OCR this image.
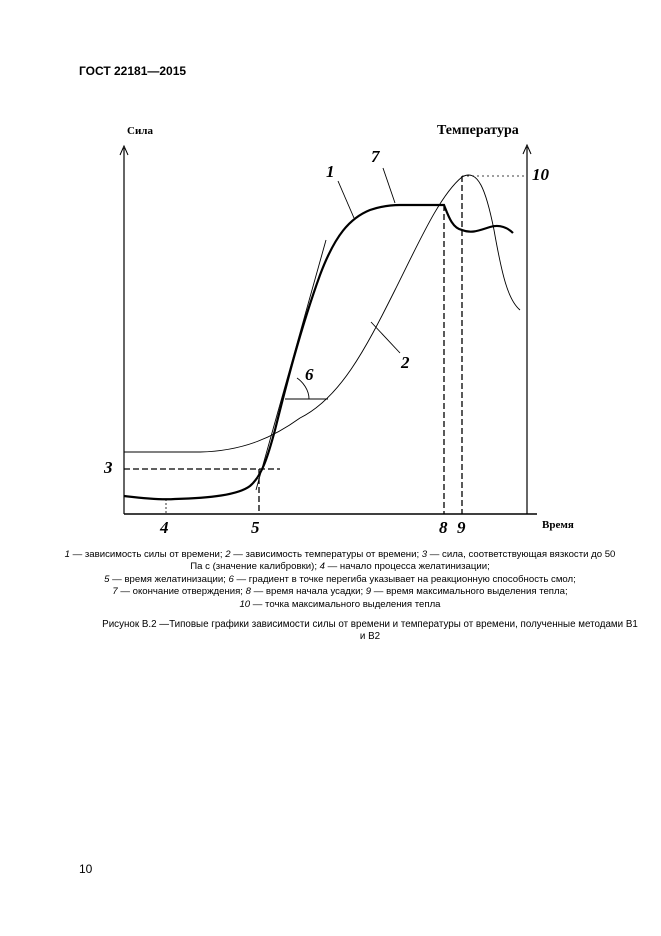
ГОСТ 22181—2015
Сила	Температура
Время
1
7
2
6
3
10
4	5	8 9
1 — зависимость силы от времени; 2 — зависимость температуры от времени; 3 — сила, соответствующая вязкости до 50 Па с (значение калибровки); 4 — начало процесса желатинизации;
5 — время желатинизации; 6 — градиент в точке перегиба указывает на реакционную способность смол;
7 — окончание отверждения; 8 — время начала усадки; 9 — время максимального выделения тепла;
10 — точка максимального выделения тепла
Рисунок В.2 —Типовые графики зависимости силы от времени и температуры от времени, полученные методами В1 и В2
10
